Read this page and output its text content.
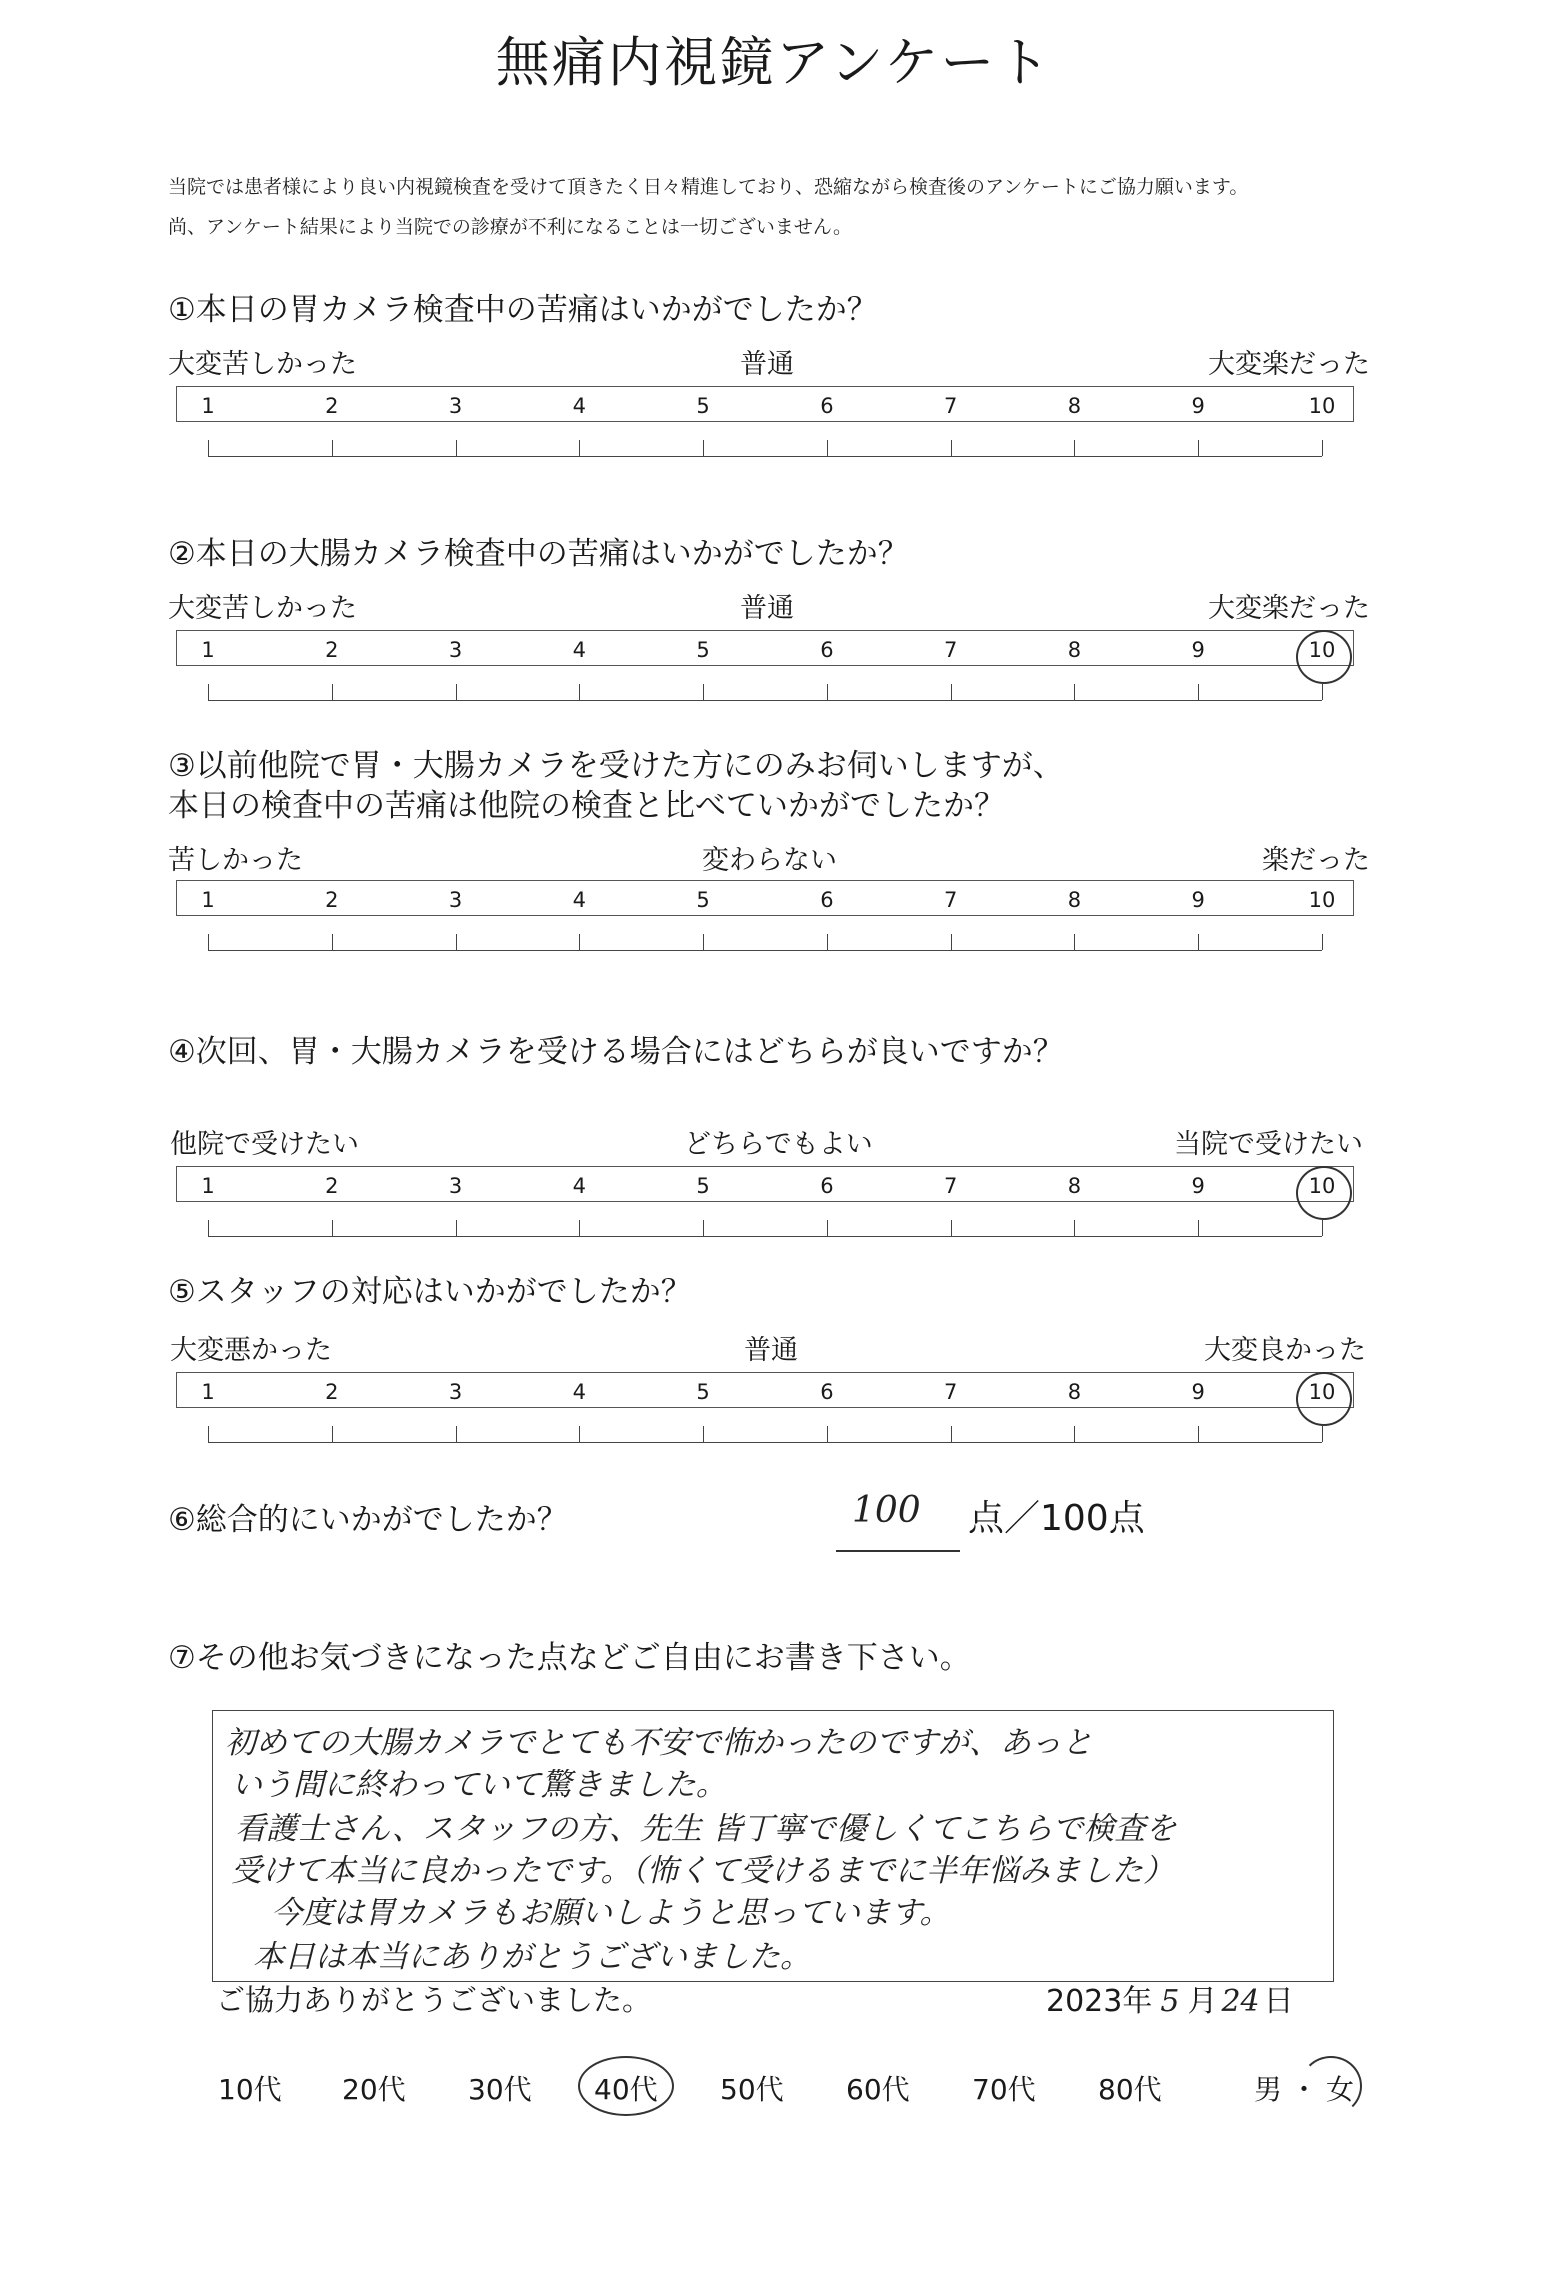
無痛内視鏡アンケート
当院では患者様により良い内視鏡検査を受けて頂きたく日々精進しており、恐縮ながら検査後のアンケートにご協力願います。
尚、アンケート結果により当院での診療が不利になることは一切ございません。
①本日の胃カメラ検査中の苦痛はいかがでしたか？
大変苦しかった	普通	大変楽だった
1	2	3	4	5	6	7	8	9	10
②本日の大腸カメラ検査中の苦痛はいかがでしたか？
大変苦しかった	普通	大変楽だった
1	2	3	4	5	6	7	8	9	10
③以前他院で胃・大腸カメラを受けた方にのみお伺いしますが、
本日の検査中の苦痛は他院の検査と比べていかがでしたか？
苦しかった	変わらない	楽だった
1	2	3	4	5	6	7	8	9	10
④次回、胃・大腸カメラを受ける場合にはどちらが良いですか？
他院で受けたい	どちらでもよい	当院で受けたい
1	2	3	4	5	6	7	8	9	10
⑤スタッフの対応はいかがでしたか？
大変悪かった	普通	大変良かった
1	2	3	4	5	6	7	8	9	10
⑥総合的にいかがでしたか？	100 点／100点
⑦その他お気づきになった点などご自由にお書き下さい。
初めての大腸カメラでとても不安で怖かったのですが、あっと
いう間に終わっていて驚きました。
看護士さん、スタッフの方、先生 皆丁寧で優しくてこちらで検査を
受けて本当に良かったです。（怖くて受けるまでに半年悩みました）
今度は胃カメラもお願いしようと思っています。
本日は本当にありがとうございました。
ご協力ありがとうございました。	2023年 5 月 24 日
10代 20代 30代 40代 50代 60代 70代 80代	男 ・ 女
